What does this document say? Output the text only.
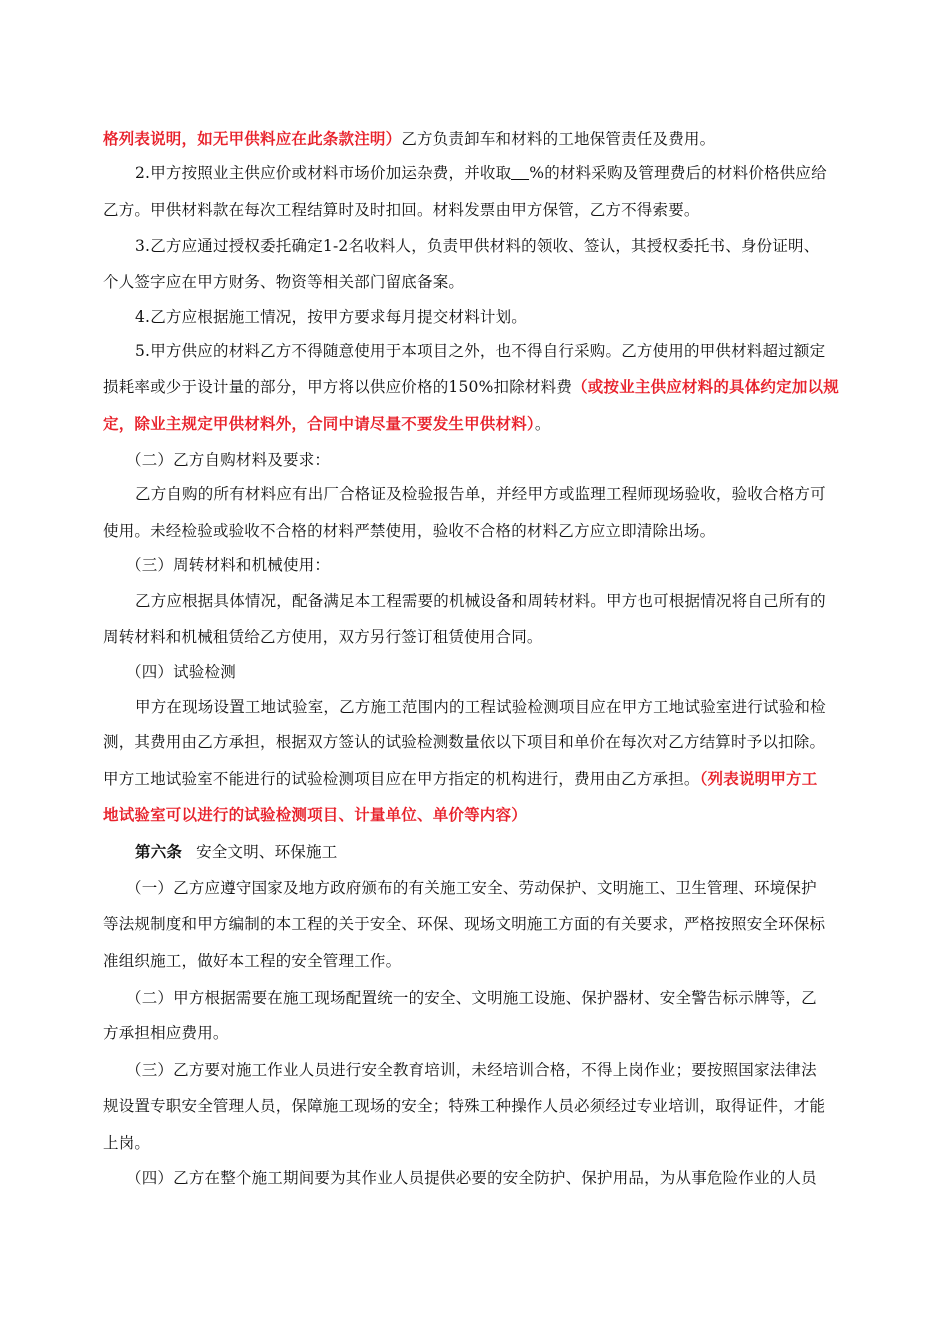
格列表说明，如无甲供料应在此条款注明）乙方负责卸车和材料的工地保管责任及费用。
2.甲方按照业主供应价或材料市场价加运杂费，并收取 %的材料采购及管理费后的材料价格供应给
乙方。甲供材料款在每次工程结算时及时扣回。材料发票由甲方保管，乙方不得索要。
3.乙方应通过授权委托确定1-2名收料人，负责甲供材料的领收、签认，其授权委托书、身份证明、
个人签字应在甲方财务、物资等相关部门留底备案。
4.乙方应根据施工情况，按甲方要求每月提交材料计划。
5.甲方供应的材料乙方不得随意使用于本项目之外，也不得自行采购。乙方使用的甲供材料超过额定
损耗率或少于设计量的部分，甲方将以供应价格的150%扣除材料费（或按业主供应材料的具体约定加以规
定，除业主规定甲供材料外，合同中请尽量不要发生甲供材料）。
（二）乙方自购材料及要求：
乙方自购的所有材料应有出厂合格证及检验报告单，并经甲方或监理工程师现场验收，验收合格方可
使用。未经检验或验收不合格的材料严禁使用，验收不合格的材料乙方应立即清除出场。
（三）周转材料和机械使用：
乙方应根据具体情况，配备满足本工程需要的机械设备和周转材料。甲方也可根据情况将自己所有的
周转材料和机械租赁给乙方使用，双方另行签订租赁使用合同。
（四）试验检测
甲方在现场设置工地试验室，乙方施工范围内的工程试验检测项目应在甲方工地试验室进行试验和检
测，其费用由乙方承担，根据双方签认的试验检测数量依以下项目和单价在每次对乙方结算时予以扣除。
甲方工地试验室不能进行的试验检测项目应在甲方指定的机构进行，费用由乙方承担。（列表说明甲方工
地试验室可以进行的试验检测项目、计量单位、单价等内容）
第六条 安全文明、环保施工
（一）乙方应遵守国家及地方政府颁布的有关施工安全、劳动保护、文明施工、卫生管理、环境保护
等法规制度和甲方编制的本工程的关于安全、环保、现场文明施工方面的有关要求，严格按照安全环保标
准组织施工，做好本工程的安全管理工作。
（二）甲方根据需要在施工现场配置统一的安全、文明施工设施、保护器材、安全警告标示牌等，乙
方承担相应费用。
（三）乙方要对施工作业人员进行安全教育培训，未经培训合格，不得上岗作业；要按照国家法律法
规设置专职安全管理人员，保障施工现场的安全；特殊工种操作人员必须经过专业培训，取得证件，才能
上岗。
（四）乙方在整个施工期间要为其作业人员提供必要的安全防护、保护用品，为从事危险作业的人员
